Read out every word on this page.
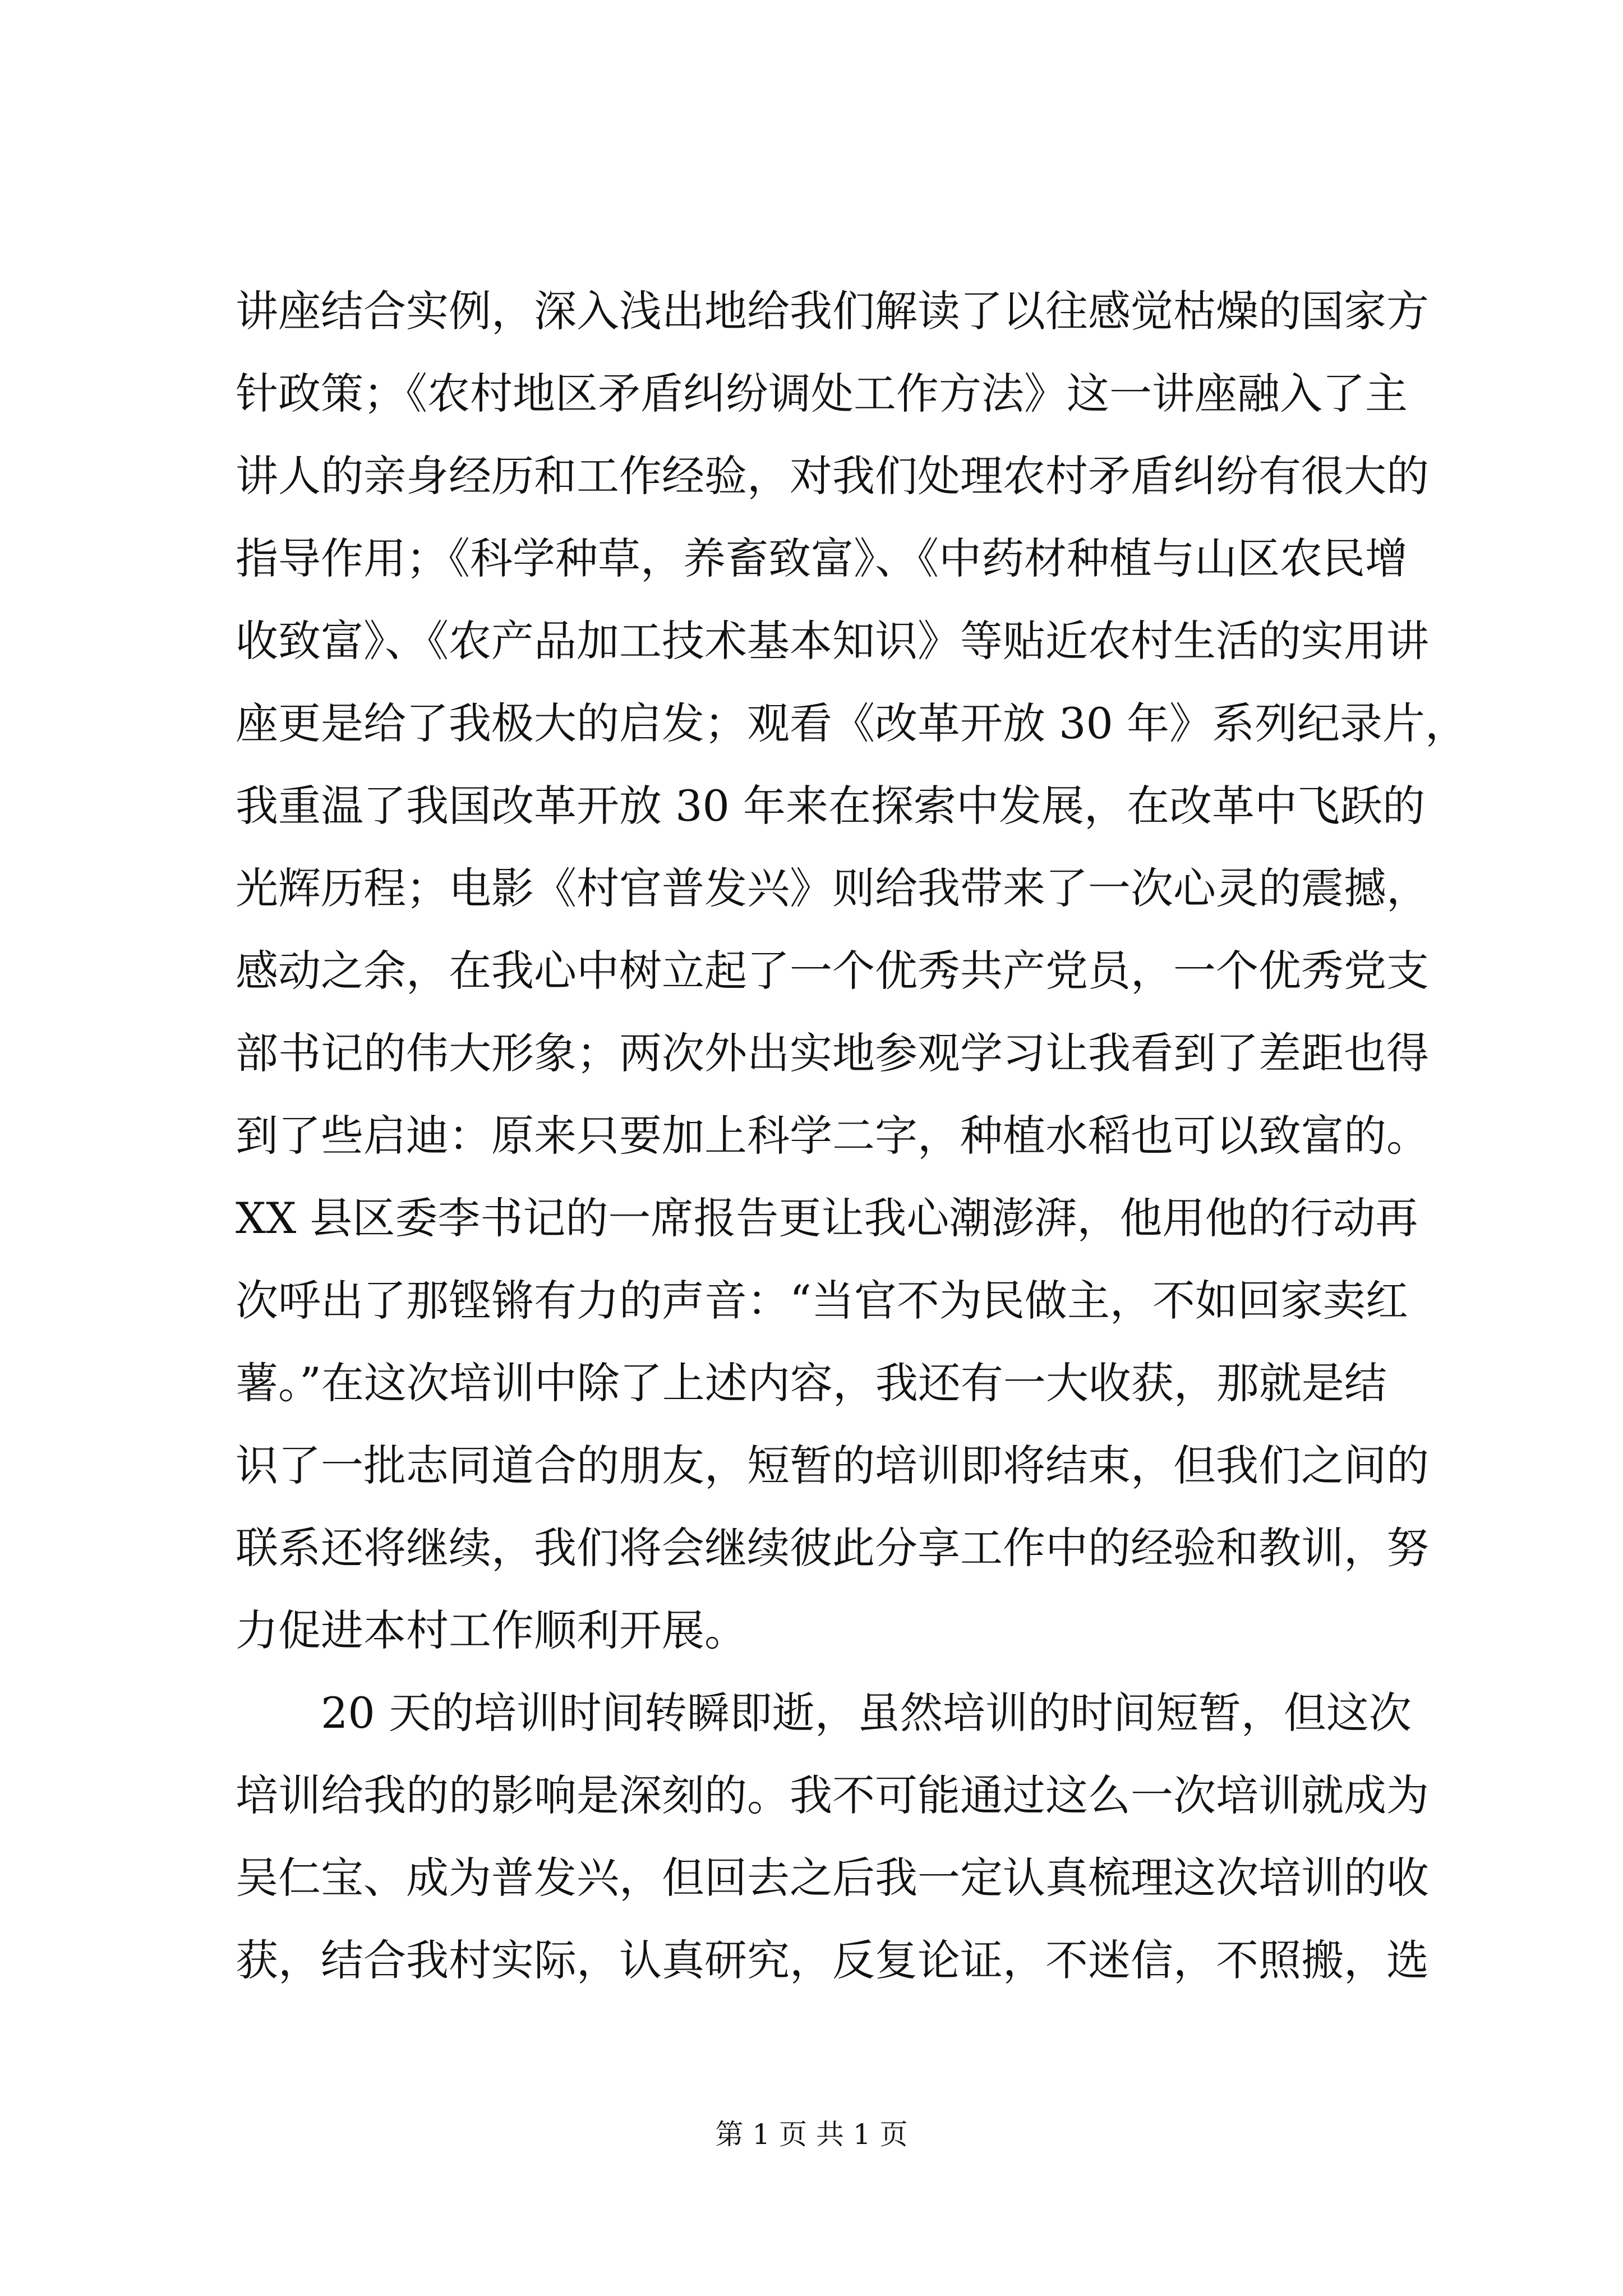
讲座结合实例，深入浅出地给我们解读了以往感觉枯燥的国家方
针政策；《农村地区矛盾纠纷调处工作方法》这一讲座融入了主
讲人的亲身经历和工作经验，对我们处理农村矛盾纠纷有很大的
指导作用；《科学种草，养畜致富》、《中药材种植与山区农民增
收致富》、《农产品加工技术基本知识》等贴近农村生活的实用讲
座更是给了我极大的启发；观看《改革开放 30 年》系列纪录片，
我重温了我国改革开放 30 年来在探索中发展，在改革中飞跃的
光辉历程；电影《村官普发兴》则给我带来了一次心灵的震撼，
感动之余，在我心中树立起了一个优秀共产党员，一个优秀党支
部书记的伟大形象；两次外出实地参观学习让我看到了差距也得
到了些启迪：原来只要加上科学二字，种植水稻也可以致富的。
XX 县区委李书记的一席报告更让我心潮澎湃，他用他的行动再
次呼出了那铿锵有力的声音：“当官不为民做主，不如回家卖红
薯。”在这次培训中除了上述内容，我还有一大收获，那就是结
识了一批志同道合的朋友，短暂的培训即将结束，但我们之间的
联系还将继续，我们将会继续彼此分享工作中的经验和教训，努
力促进本村工作顺利开展。
20 天的培训时间转瞬即逝，虽然培训的时间短暂，但这次
培训给我的的影响是深刻的。我不可能通过这么一次培训就成为
吴仁宝、成为普发兴，但回去之后我一定认真梳理这次培训的收
获，结合我村实际，认真研究，反复论证，不迷信，不照搬，选
第 1 页 共 1 页
